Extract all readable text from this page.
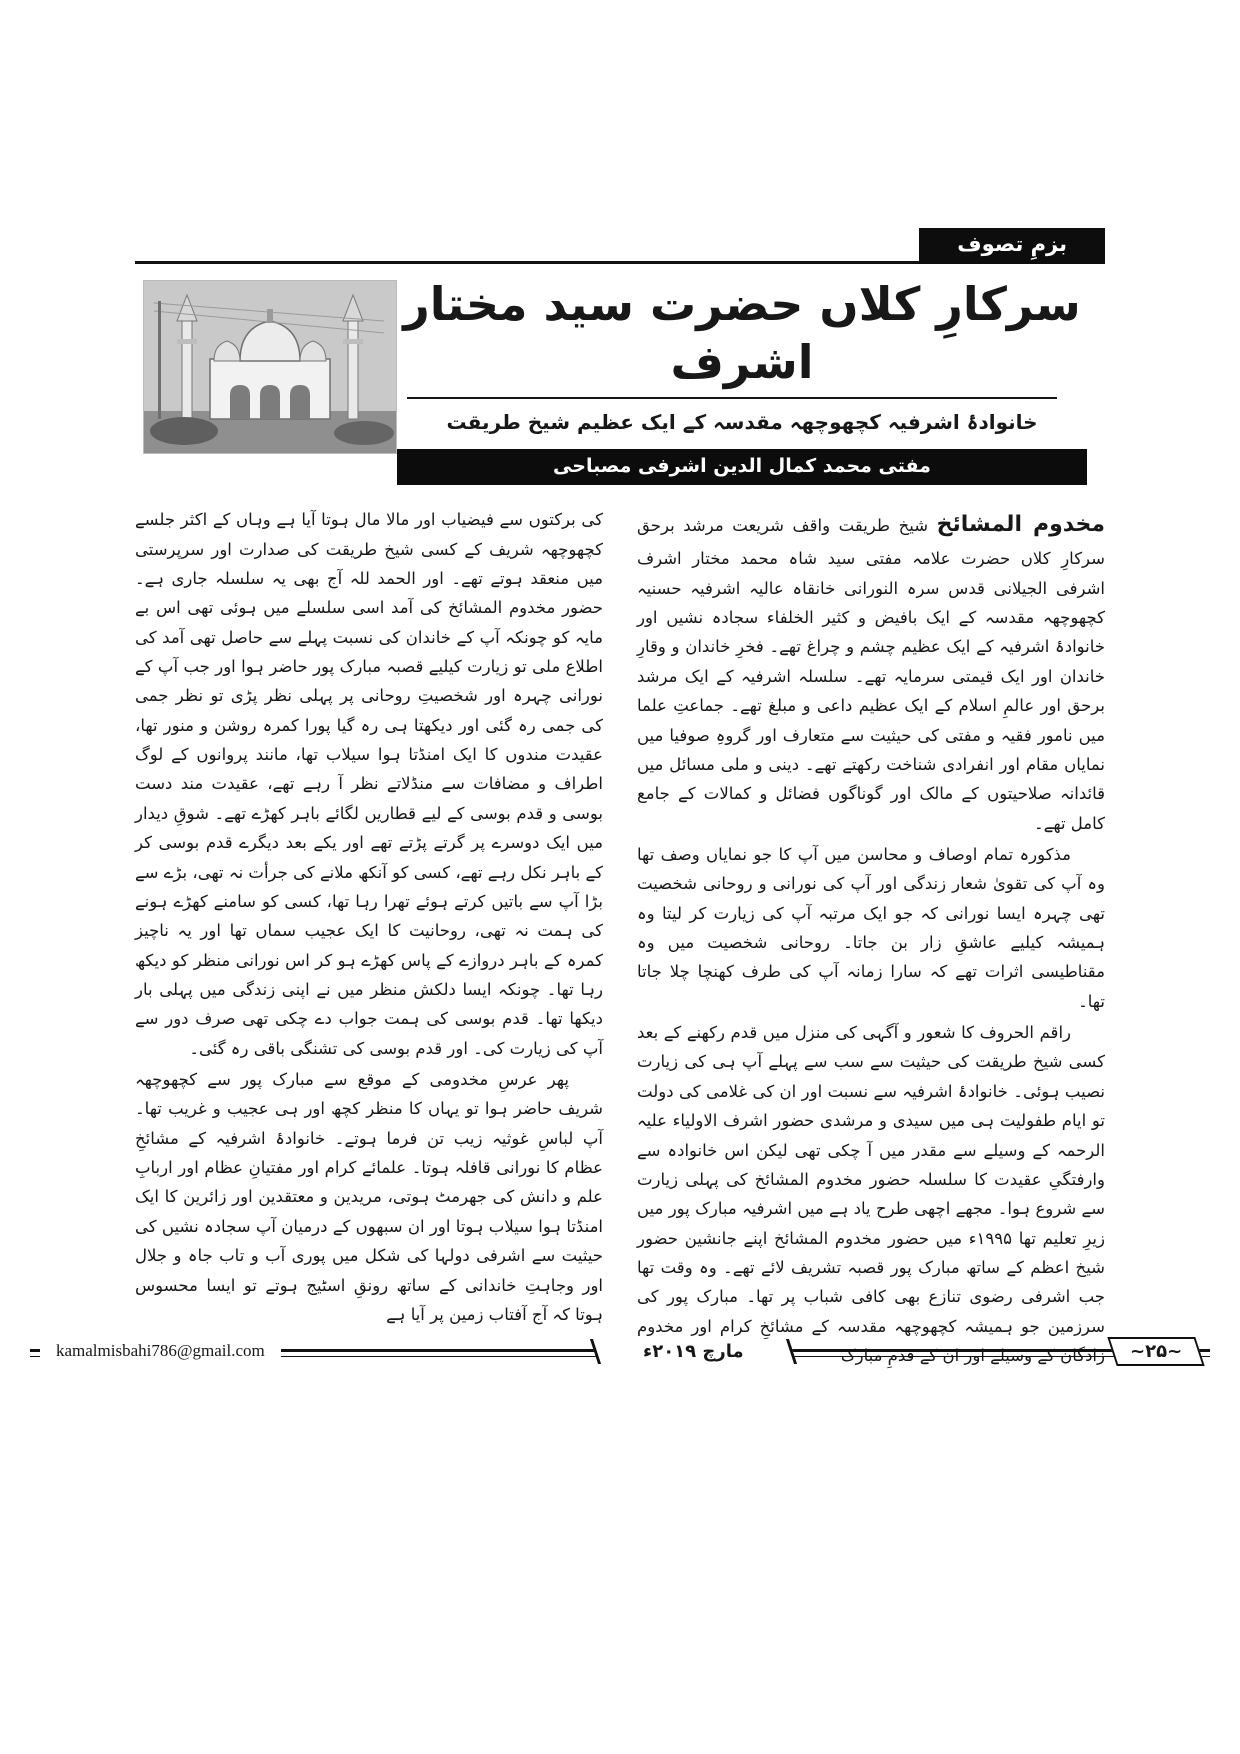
بزمِ تصوف
سرکارِ کلاں حضرت سید مختار اشرف
خانوادۂ اشرفیہ کچھوچھہ مقدسہ کے ایک عظیم شیخ طریقت
مفتی محمد کمال الدین اشرفی مصباحی

مخدوم المشائخ شیخ طریقت واقف شریعت مرشد برحق سرکارِ کلاں حضرت علامہ مفتی سید شاہ محمد مختار اشرف اشرفی الجیلانی قدس سرہ النورانی خانقاہ عالیہ اشرفیہ حسنیہ کچھوچھہ مقدسہ کے ایک بافیض و کثیر الخلفاء سجادہ نشیں اور خانوادۂ اشرفیہ کے ایک عظیم چشم و چراغ تھے۔ فخرِ خاندان و وقارِ خاندان اور ایک قیمتی سرمایہ تھے۔ سلسلہ اشرفیہ کے ایک مرشد برحق اور عالمِ اسلام کے ایک عظیم داعی و مبلغ تھے۔ جماعتِ علما میں نامور فقیہ و مفتی کی حیثیت سے متعارف اور گروہِ صوفیا میں نمایاں مقام اور انفرادی شناخت رکھتے تھے۔ دینی و ملی مسائل میں قائدانہ صلاحیتوں کے مالک اور گوناگوں فضائل و کمالات کے جامع کامل تھے۔

مذکورہ تمام اوصاف و محاسن میں آپ کا جو نمایاں وصف تھا وہ آپ کی تقویٰ شعار زندگی اور آپ کی نورانی و روحانی شخصیت تھی چہرہ ایسا نورانی کہ جو ایک مرتبہ آپ کی زیارت کر لیتا وہ ہمیشہ کیلیے عاشقِ زار بن جاتا۔ روحانی شخصیت میں وہ مقناطیسی اثرات تھے کہ سارا زمانہ آپ کی طرف کھنچا چلا جاتا تھا۔

راقم الحروف کا شعور و آگہی کی منزل میں قدم رکھنے کے بعد کسی شیخ طریقت کی حیثیت سے سب سے پہلے آپ ہی کی زیارت نصیب ہوئی۔ خانوادۂ اشرفیہ سے نسبت اور ان کی غلامی کی دولت تو ایام طفولیت ہی میں سیدی و مرشدی حضور اشرف الاولیاء علیہ الرحمہ کے وسیلے سے مقدر میں آ چکی تھی لیکن اس خانوادہ سے وارفتگیِ عقیدت کا سلسلہ حضور مخدوم المشائخ کی پہلی زیارت سے شروع ہوا۔ مجھے اچھی طرح یاد ہے میں اشرفیہ مبارک پور میں زیرِ تعلیم تھا ۱۹۹۵ء میں حضور مخدوم المشائخ اپنے جانشین حضور شیخ اعظم کے ساتھ مبارک پور قصبہ تشریف لائے تھے۔ وہ وقت تھا جب اشرفی رضوی تنازع بھی کافی شباب پر تھا۔ مبارک پور کی سرزمین جو ہمیشہ کچھوچھہ مقدسہ کے مشائخِ کرام اور مخدوم زادگان کے وسیلے اور ان کے قدمِ مبارک

کی برکتوں سے فیضیاب اور مالا مال ہوتا آیا ہے وہاں کے اکثر جلسے کچھوچھہ شریف کے کسی شیخ طریقت کی صدارت اور سرپرستی میں منعقد ہوتے تھے۔ اور الحمد للہ آج بھی یہ سلسلہ جاری ہے۔ حضور مخدوم المشائخ کی آمد اسی سلسلے میں ہوئی تھی اس بے مایہ کو چونکہ آپ کے خاندان کی نسبت پہلے سے حاصل تھی آمد کی اطلاع ملی تو زیارت کیلیے قصبہ مبارک پور حاضر ہوا اور جب آپ کے نورانی چہرہ اور شخصیتِ روحانی پر پہلی نظر پڑی تو نظر جمی کی جمی رہ گئی اور دیکھتا ہی رہ گیا پورا کمرہ روشن و منور تھا، عقیدت مندوں کا ایک امنڈتا ہوا سیلاب تھا، مانند پروانوں کے لوگ اطراف و مضافات سے منڈلاتے نظر آ رہے تھے، عقیدت مند دست بوسی و قدم بوسی کے لیے قطاریں لگائے باہر کھڑے تھے۔ شوقِ دیدار میں ایک دوسرے پر گرتے پڑتے تھے اور یکے بعد دیگرے قدم بوسی کر کے باہر نکل رہے تھے، کسی کو آنکھ ملانے کی جرأت نہ تھی، بڑے سے بڑا آپ سے باتیں کرتے ہوئے تھرا رہا تھا، کسی کو سامنے کھڑے ہونے کی ہمت نہ تھی، روحانیت کا ایک عجیب سماں تھا اور یہ ناچیز کمرہ کے باہر دروازے کے پاس کھڑے ہو کر اس نورانی منظر کو دیکھ رہا تھا۔ چونکہ ایسا دلکش منظر میں نے اپنی زندگی میں پہلی بار دیکھا تھا۔ قدم بوسی کی ہمت جواب دے چکی تھی صرف دور سے آپ کی زیارت کی۔ اور قدم بوسی کی تشنگی باقی رہ گئی۔

پھر عرسِ مخدومی کے موقع سے مبارک پور سے کچھوچھہ شریف حاضر ہوا تو یہاں کا منظر کچھ اور ہی عجیب و غریب تھا۔ آپ لباسِ غوثیہ زیب تن فرما ہوتے۔ خانوادۂ اشرفیہ کے مشائخِ عظام کا نورانی قافلہ ہوتا۔ علمائے کرام اور مفتیانِ عظام اور اربابِ علم و دانش کی جھرمٹ ہوتی، مریدین و معتقدین اور زائرین کا ایک امنڈتا ہوا سیلاب ہوتا اور ان سبھوں کے درمیان آپ سجادہ نشیں کی حیثیت سے اشرفی دولہا کی شکل میں پوری آب و تاب جاہ و جلال اور وجاہتِ خاندانی کے ساتھ رونقِ اسٹیج ہوتے تو ایسا محسوس ہوتا کہ آج آفتاب زمین پر آیا ہے

~۲۵~
مارچ ۲۰۱۹ء
kamalmisbahi786@gmail.com
